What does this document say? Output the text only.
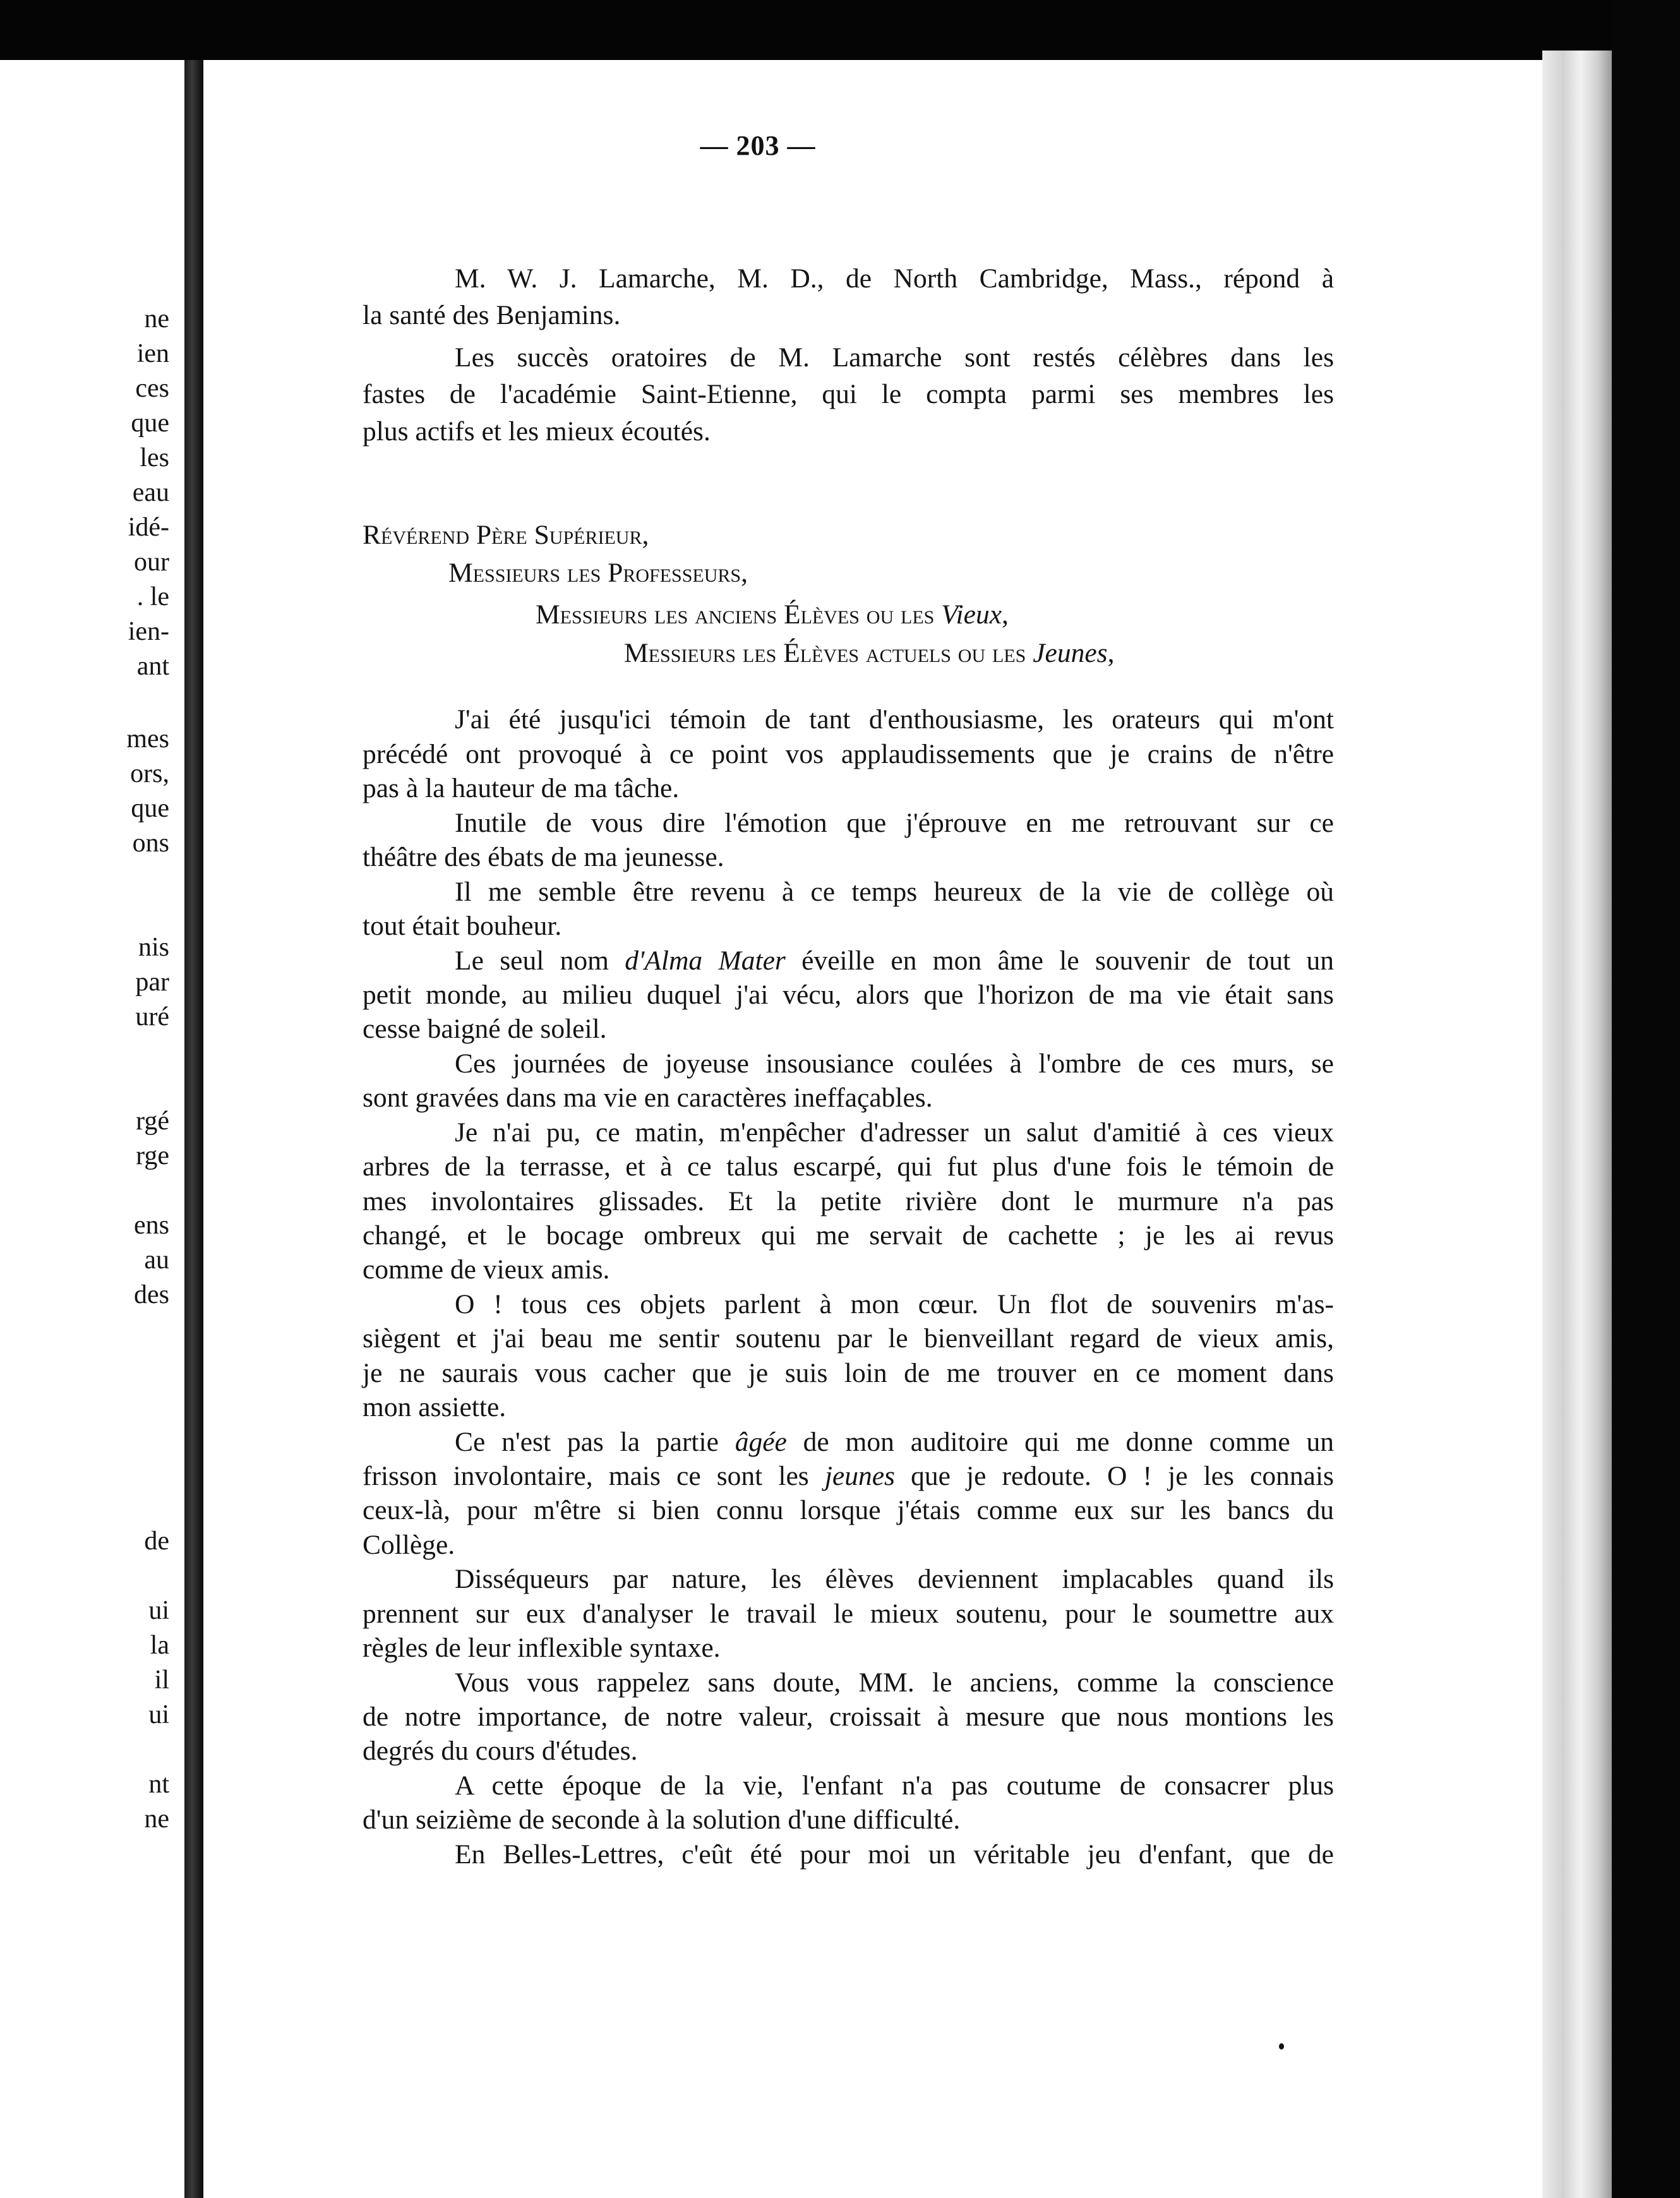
ne
ien
ces
que
les
eau
idé-
our
. le
ien-
ant
mes
ors,
que
ons
nis
par
uré
rgé
rge
ens
au
des
de
ui
la
il
ui
nt
ne
— 203 —
M. W. J. Lamarche, M. D., de North Cambridge, Mass., répond à
la santé des Benjamins.
Les succès oratoires de M. Lamarche sont restés célèbres dans les
fastes de l'académie Saint-Etienne, qui le compta parmi ses membres les
plus actifs et les mieux écoutés.
Révérend Père Supérieur,
Messieurs les Professeurs,
Messieurs les anciens Élèves ou les Vieux,
Messieurs les Élèves actuels ou les Jeunes,
J'ai été jusqu'ici témoin de tant d'enthousiasme, les orateurs qui m'ont
précédé ont provoqué à ce point vos applaudissements que je crains de n'être
pas à la hauteur de ma tâche.
Inutile de vous dire l'émotion que j'éprouve en me retrouvant sur ce
théâtre des ébats de ma jeunesse.
Il me semble être revenu à ce temps heureux de la vie de collège où
tout était bouheur.
Le seul nom d'Alma Mater éveille en mon âme le souvenir de tout un
petit monde, au milieu duquel j'ai vécu, alors que l'horizon de ma vie était sans
cesse baigné de soleil.
Ces journées de joyeuse insousiance coulées à l'ombre de ces murs, se
sont gravées dans ma vie en caractères ineffaçables.
Je n'ai pu, ce matin, m'enpêcher d'adresser un salut d'amitié à ces vieux
arbres de la terrasse, et à ce talus escarpé, qui fut plus d'une fois le témoin de
mes involontaires glissades. Et la petite rivière dont le murmure n'a pas
changé, et le bocage ombreux qui me servait de cachette ; je les ai revus
comme de vieux amis.
O ! tous ces objets parlent à mon cœur. Un flot de souvenirs m'as-
siègent et j'ai beau me sentir soutenu par le bienveillant regard de vieux amis,
je ne saurais vous cacher que je suis loin de me trouver en ce moment dans
mon assiette.
Ce n'est pas la partie âgée de mon auditoire qui me donne comme un
frisson involontaire, mais ce sont les jeunes que je redoute. O ! je les connais
ceux-là, pour m'être si bien connu lorsque j'étais comme eux sur les bancs du
Collège.
Disséqueurs par nature, les élèves deviennent implacables quand ils
prennent sur eux d'analyser le travail le mieux soutenu, pour le soumettre aux
règles de leur inflexible syntaxe.
Vous vous rappelez sans doute, MM. le anciens, comme la conscience
de notre importance, de notre valeur, croissait à mesure que nous montions les
degrés du cours d'études.
A cette époque de la vie, l'enfant n'a pas coutume de consacrer plus
d'un seizième de seconde à la solution d'une difficulté.
En Belles-Lettres, c'eût été pour moi un véritable jeu d'enfant, que de
